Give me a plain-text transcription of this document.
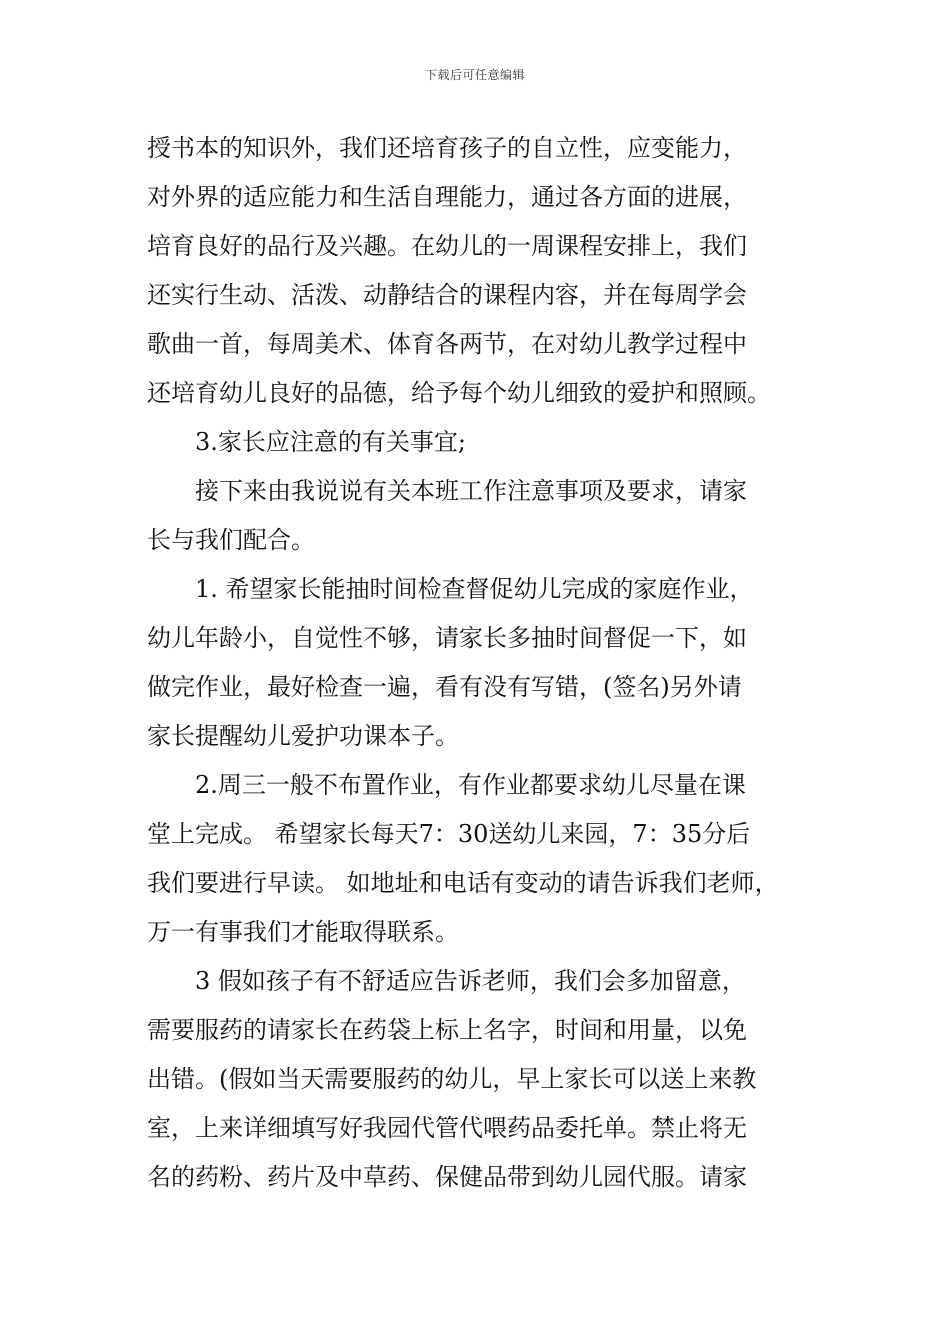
下载后可任意编辑
授书本的知识外，我们还培育孩子的自立性，应变能力，
对外界的适应能力和生活自理能力，通过各方面的进展，
培育良好的品行及兴趣。在幼儿的一周课程安排上，我们
还实行生动、活泼、动静结合的课程内容，并在每周学会
歌曲一首，每周美术、体育各两节，在对幼儿教学过程中
还培育幼儿良好的品德，给予每个幼儿细致的爱护和照顾。
3.家长应注意的有关事宜;
接下来由我说说有关本班工作注意事项及要求，请家
长与我们配合。
1. 希望家长能抽时间检查督促幼儿完成的家庭作业，
幼儿年龄小，自觉性不够，请家长多抽时间督促一下，如
做完作业，最好检查一遍，看有没有写错，(签名)另外请
家长提醒幼儿爱护功课本子。
2.周三一般不布置作业，有作业都要求幼儿尽量在课
堂上完成。 希望家长每天7：30送幼儿来园，7：35分后
我们要进行早读。 如地址和电话有变动的请告诉我们老师，
万一有事我们才能取得联系。
3 假如孩子有不舒适应告诉老师，我们会多加留意，
需要服药的请家长在药袋上标上名字，时间和用量，以免
出错。(假如当天需要服药的幼儿，早上家长可以送上来教
室，上来详细填写好我园代管代喂药品委托单。禁止将无
名的药粉、药片及中草药、保健品带到幼儿园代服。请家
